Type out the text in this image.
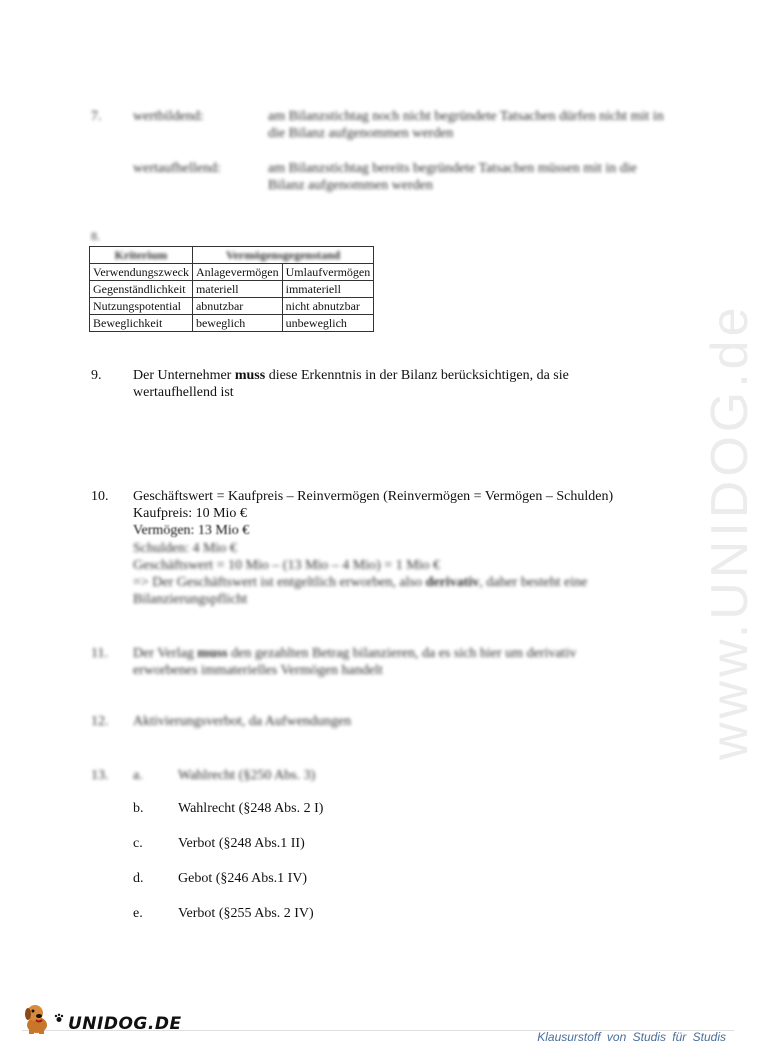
www.UNIDOG.de
7. wertbildend:	am Bilanzstichtag noch nicht begründete Tatsachen dürfen nicht mit in die Bilanz aufgenommen werden
wertaufhellend:	am Bilanzstichtag bereits begründete Tatsachen müssen mit in die Bilanz aufgenommen werden
8.
Kriterium	Vermögensgegenstand	
Verwendungszweck	Anlagevermögen	Umlaufvermögen
Gegenständlichkeit	materiell	immateriell
Nutzungspotential	abnutzbar	nicht abnutzbar
Beweglichkeit	beweglich	unbeweglich
9. Der Unternehmer muss diese Erkenntnis in der Bilanz berücksichtigen, da sie
wertaufhellend ist
10. Geschäftswert = Kaufpreis – Reinvermögen (Reinvermögen = Vermögen – Schulden)
Kaufpreis: 10 Mio €
Vermögen: 13 Mio €
Schulden: 4 Mio €
Geschäftswert = 10 Mio – (13 Mio – 4 Mio) = 1 Mio €
=> Der Geschäftswert ist entgeltlich erworben, also derivativ, daher besteht eine
Bilanzierungspflicht
11. Der Verlag muss den gezahlten Betrag bilanzieren, da es sich hier um derivativ
erworbenes immaterielles Vermögen handelt
12. Aktivierungsverbot, da Aufwendungen
13. a.	Wahlrecht (§250 Abs. 3)
b. Wahlrecht (§248 Abs. 2 I)
c.	Verbot (§248 Abs.1 II)
d. Gebot (§246 Abs.1 IV)
e.	Verbot (§255 Abs. 2 IV)
UNIDOG.DE
Klausurstoff von Studis für Studis
